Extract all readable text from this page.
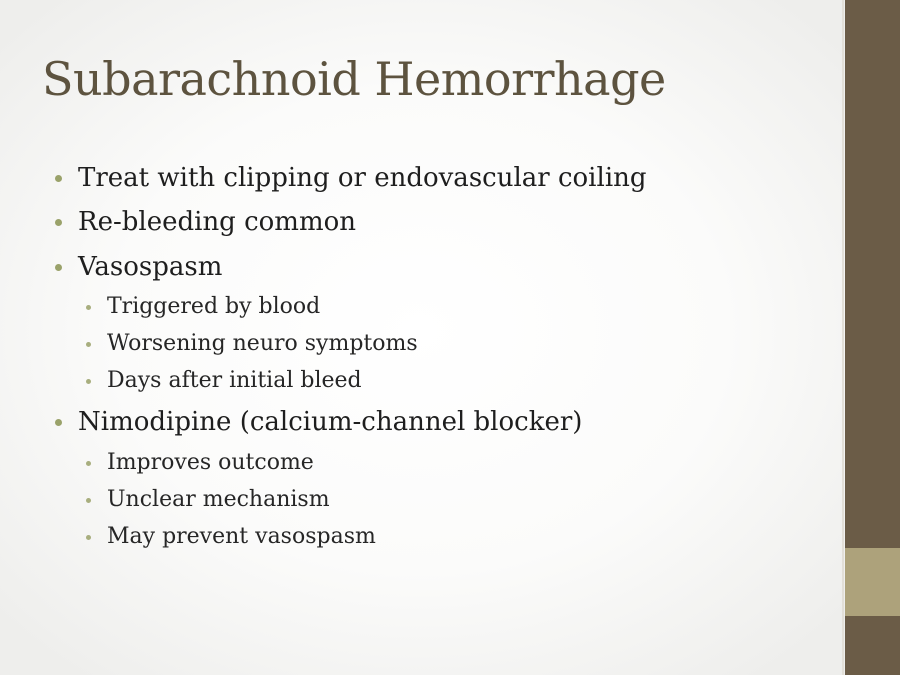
Subarachnoid Hemorrhage
Treat with clipping or endovascular coiling
Re-bleeding common
Vasospasm
Triggered by blood
Worsening neuro symptoms
Days after initial bleed
Nimodipine (calcium-channel blocker)
Improves outcome
Unclear mechanism
May prevent vasospasm
